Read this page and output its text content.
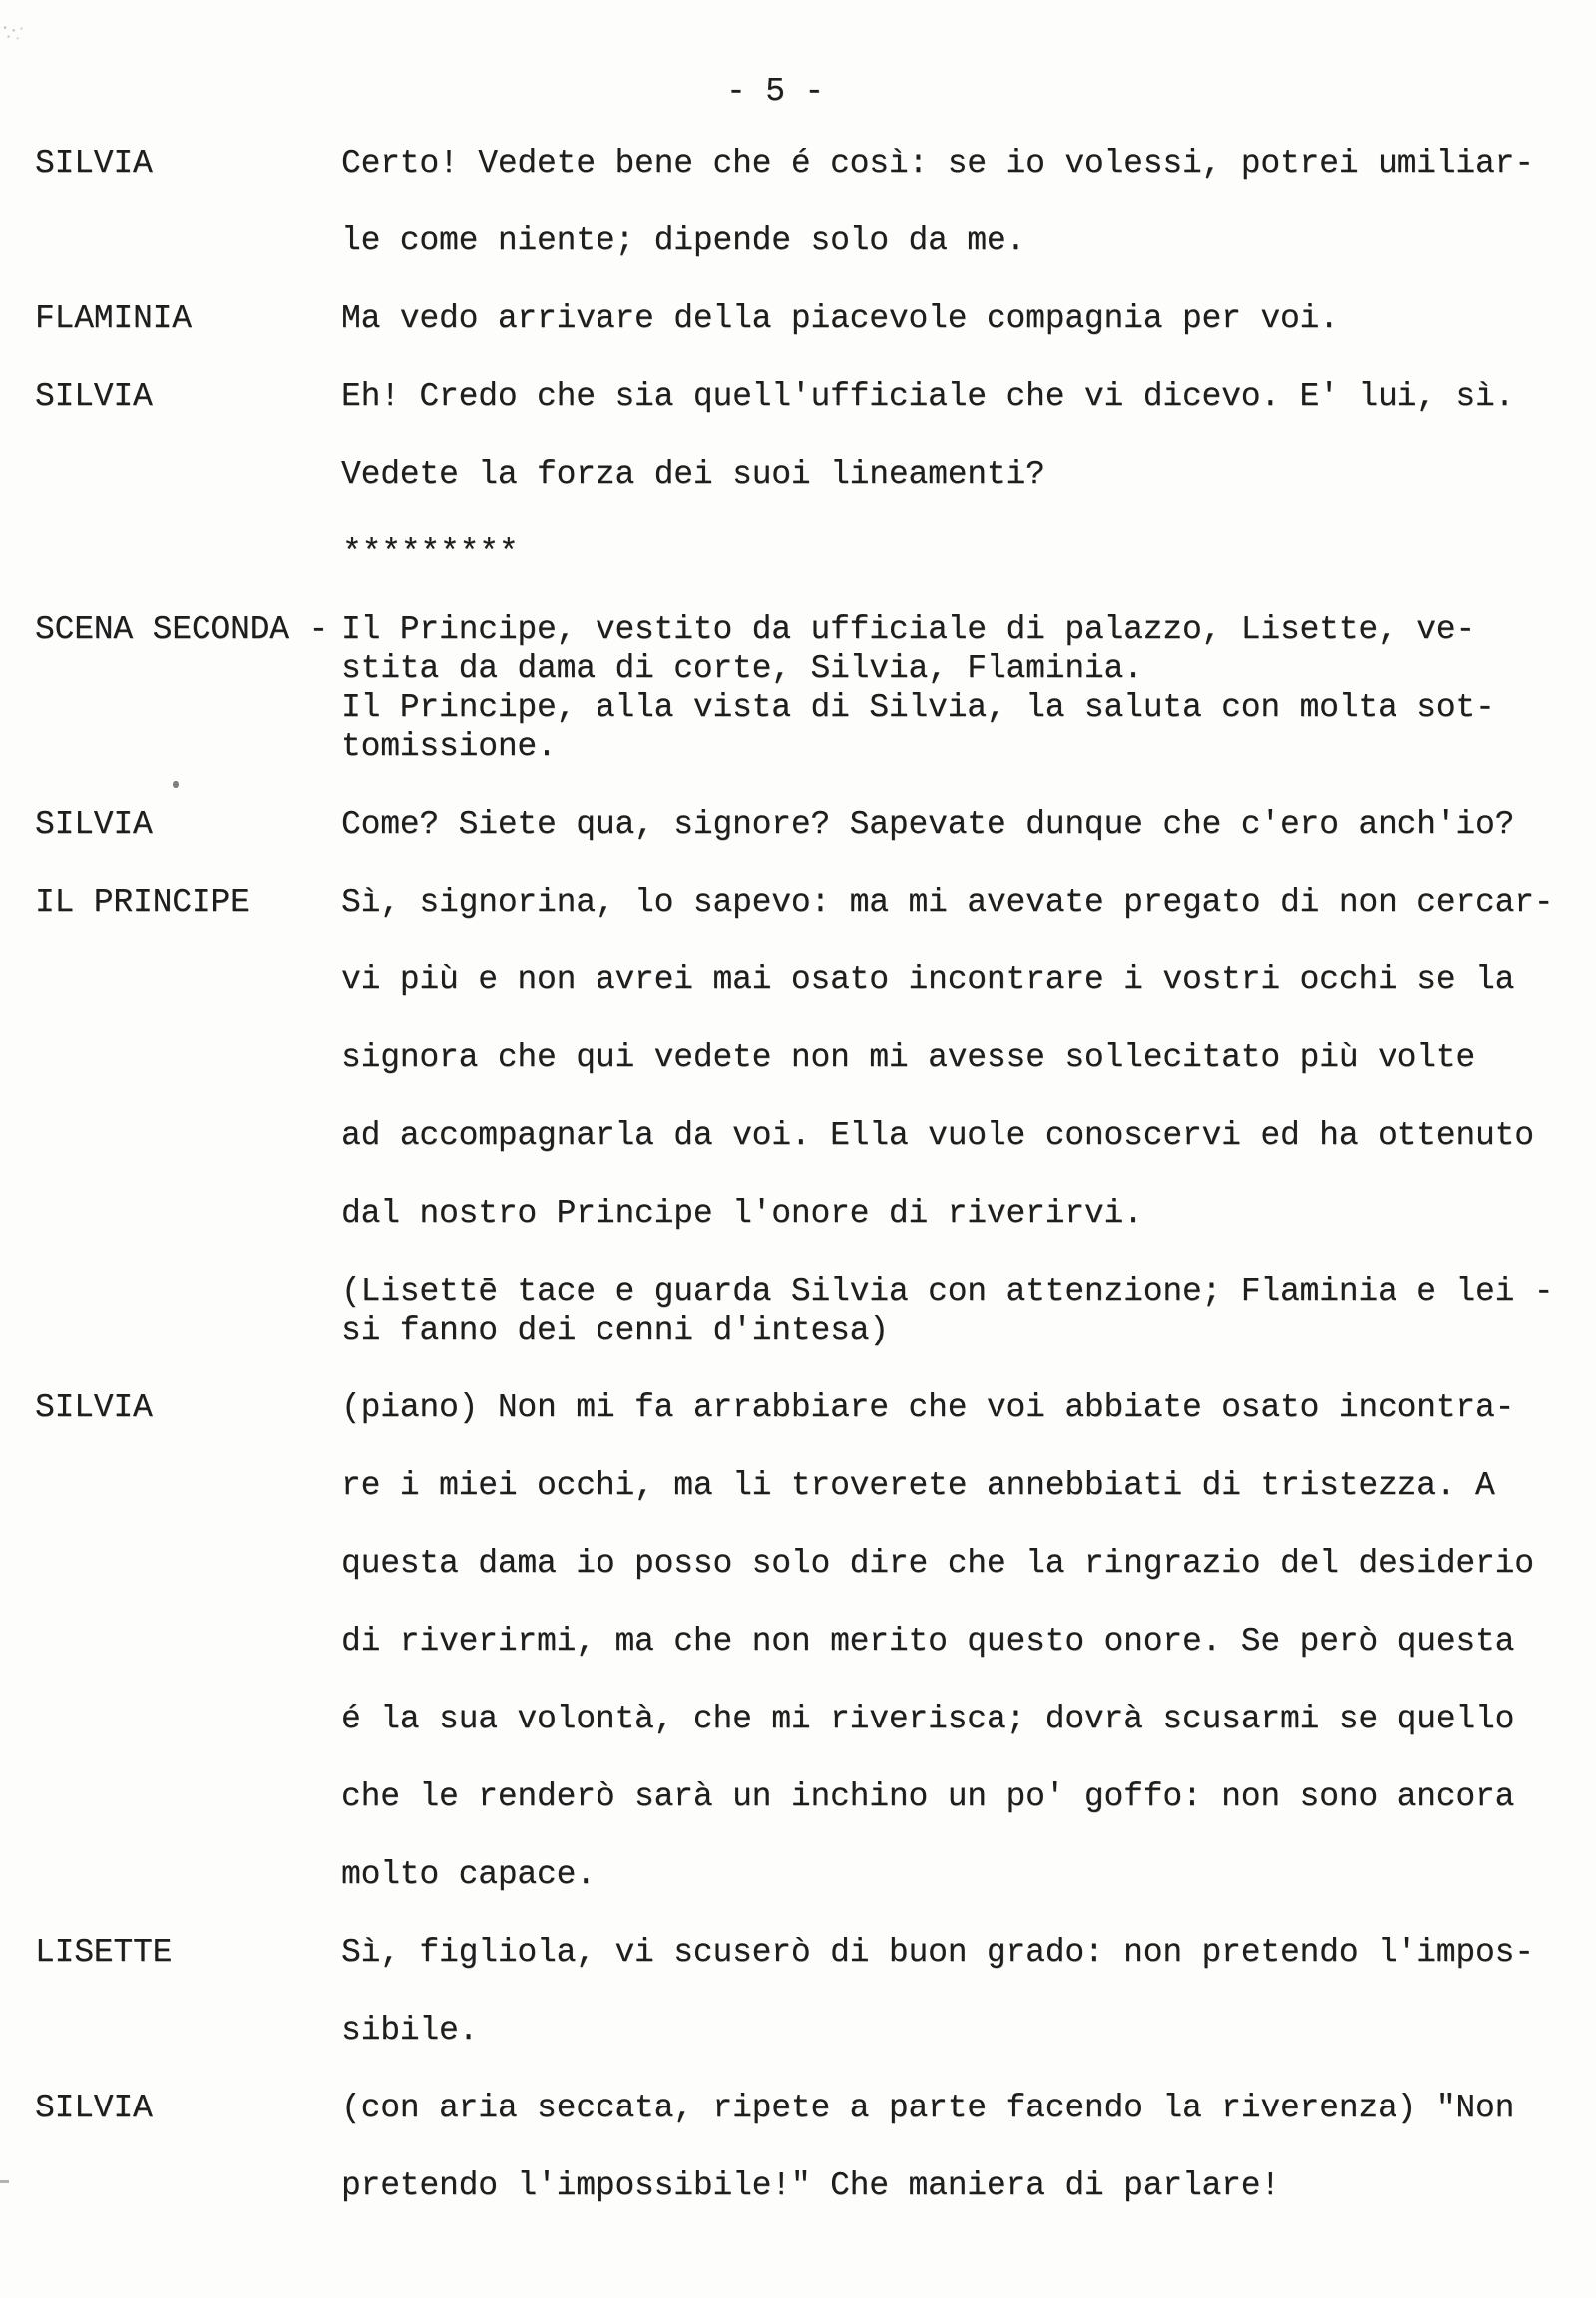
- 5 -
SILVIA	Certo! Vedete bene che é così: se io volessi, potrei umiliar-
le come niente; dipende solo da me.
FLAMINIA	Ma vedo arrivare della piacevole compagnia per voi.
SILVIA	Eh! Credo che sia quell'ufficiale che vi dicevo. E' lui, sì.
Vedete la forza dei suoi lineamenti?
*********
SCENA SECONDA - Il Principe, vestito da ufficiale di palazzo, Lisette, ve-
stita da dama di corte, Silvia, Flaminia.
Il Principe, alla vista di Silvia, la saluta con molta sot-
tomissione.
SILVIA	Come? Siete qua, signore? Sapevate dunque che c'ero anch'io?
IL PRINCIPE	Sì, signorina, lo sapevo: ma mi avevate pregato di non cercar-
vi più e non avrei mai osato incontrare i vostri occhi se la
signora che qui vedete non mi avesse sollecitato più volte
ad accompagnarla da voi. Ella vuole conoscervi ed ha ottenuto
dal nostro Principe l'onore di riverirvi.
(Lisettē tace e guarda Silvia con attenzione; Flaminia e lei -
si fanno dei cenni d'intesa)
SILVIA	(piano) Non mi fa arrabbiare che voi abbiate osato incontra-
re i miei occhi, ma li troverete annebbiati di tristezza. A
questa dama io posso solo dire che la ringrazio del desiderio
di riverirmi, ma che non merito questo onore. Se però questa
é la sua volontà, che mi riverisca; dovrà scusarmi se quello
che le renderò sarà un inchino un po' goffo: non sono ancora
molto capace.
LISETTE	Sì, figliola, vi scuserò di buon grado: non pretendo l'impos-
sibile.
SILVIA	(con aria seccata, ripete a parte facendo la riverenza) "Non
pretendo l'impossibile!" Che maniera di parlare!
